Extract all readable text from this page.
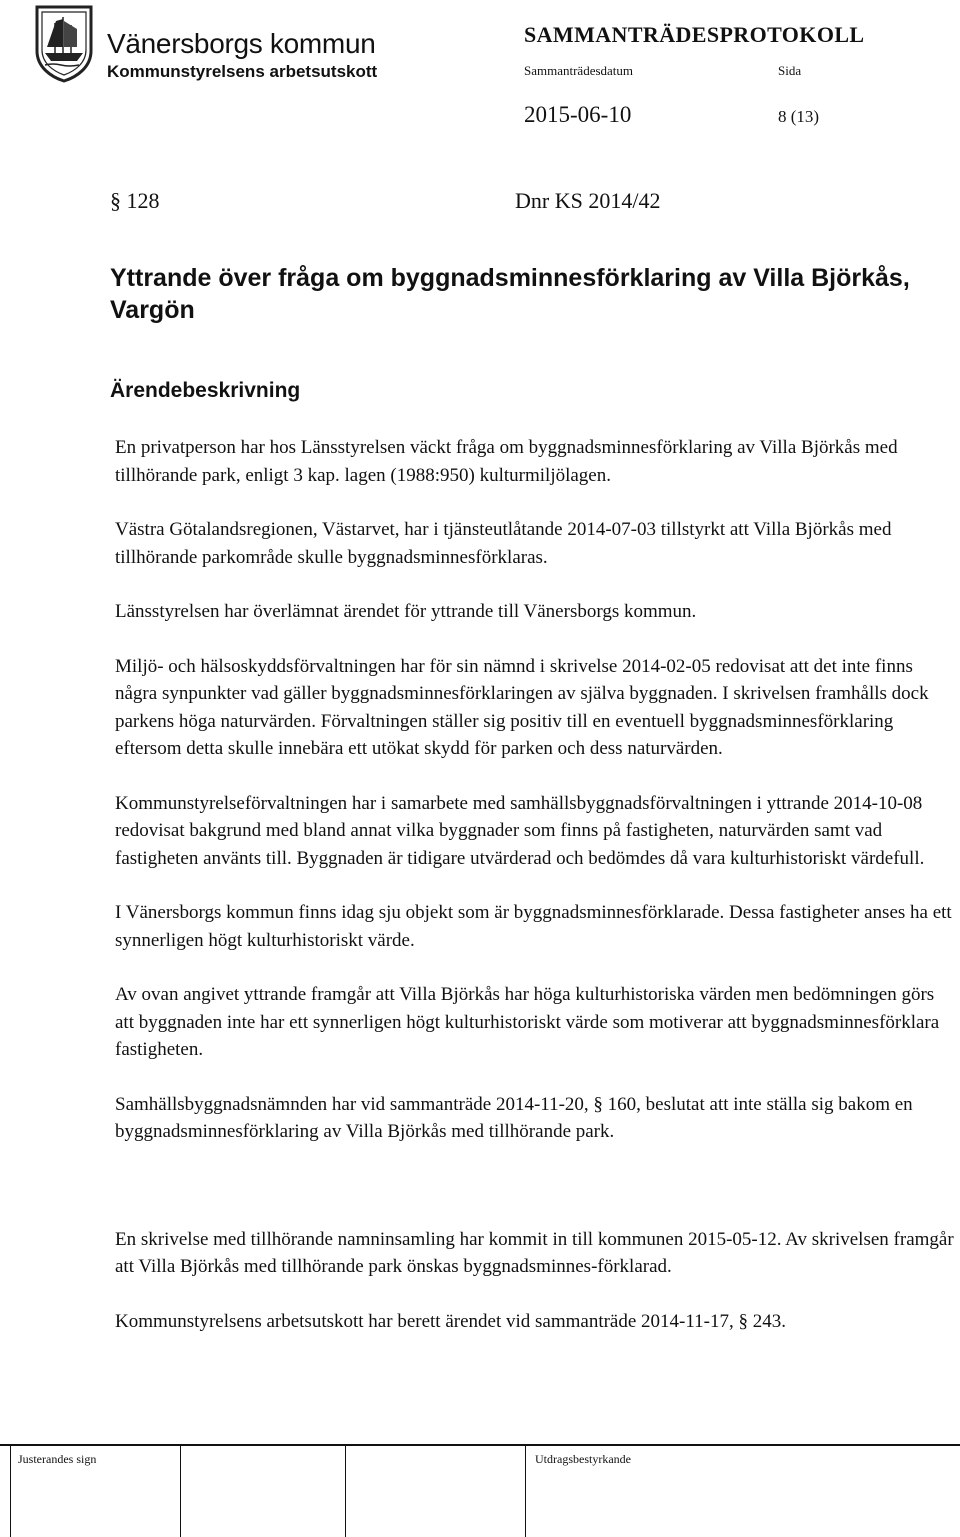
Vänersborgs kommun
Kommunstyrelsens arbetsutskott
SAMMANTRÄDESPROTOKOLL
Sammanträdesdatum	Sida
2015-06-10	8 (13)
§ 128	Dnr KS 2014/42
Yttrande över fråga om byggnadsminnesförklaring av Villa Björkås, Vargön
Ärendebeskrivning

En privatperson har hos Länsstyrelsen väckt fråga om byggnadsminnesförklaring av Villa Björkås med tillhörande park, enligt 3 kap. lagen (1988:950) kulturmiljölagen.

Västra Götalandsregionen, Västarvet, har i tjänsteutlåtande 2014-07-03 tillstyrkt att Villa Björkås med tillhörande parkområde skulle byggnadsminnesförklaras.

Länsstyrelsen har överlämnat ärendet för yttrande till Vänersborgs kommun.

Miljö- och hälsoskyddsförvaltningen har för sin nämnd i skrivelse 2014-02-05 redovisat att det inte finns några synpunkter vad gäller byggnadsminnesförklaringen av själva byggnaden. I skrivelsen framhålls dock parkens höga naturvärden. Förvaltningen ställer sig positiv till en eventuell byggnadsminnesförklaring eftersom detta skulle innebära ett utökat skydd för parken och dess naturvärden.

Kommunstyrelseförvaltningen har i samarbete med samhällsbyggnadsförvaltningen i yttrande 2014-10-08 redovisat bakgrund med bland annat vilka byggnader som finns på fastigheten, naturvärden samt vad fastigheten använts till. Byggnaden är tidigare utvärderad och bedömdes då vara kulturhistoriskt värdefull.

I Vänersborgs kommun finns idag sju objekt som är byggnadsminnesförklarade. Dessa fastigheter anses ha ett synnerligen högt kulturhistoriskt värde.

Av ovan angivet yttrande framgår att Villa Björkås har höga kulturhistoriska värden men bedömningen görs att byggnaden inte har ett synnerligen högt kulturhistoriskt värde som motiverar att byggnadsminnesförklara fastigheten.

Samhällsbyggnadsnämnden har vid sammanträde 2014-11-20, § 160, beslutat att inte ställa sig bakom en byggnadsminnesförklaring av Villa Björkås med tillhörande park.

En skrivelse med tillhörande namninsamling har kommit in till kommunen 2015-05-12. Av skrivelsen framgår att Villa Björkås med tillhörande park önskas byggnadsminnes-förklarad.

Kommunstyrelsens arbetsutskott har berett ärendet vid sammanträde 2014-11-17, § 243.

Justerandes sign	Utdragsbestyrkande
